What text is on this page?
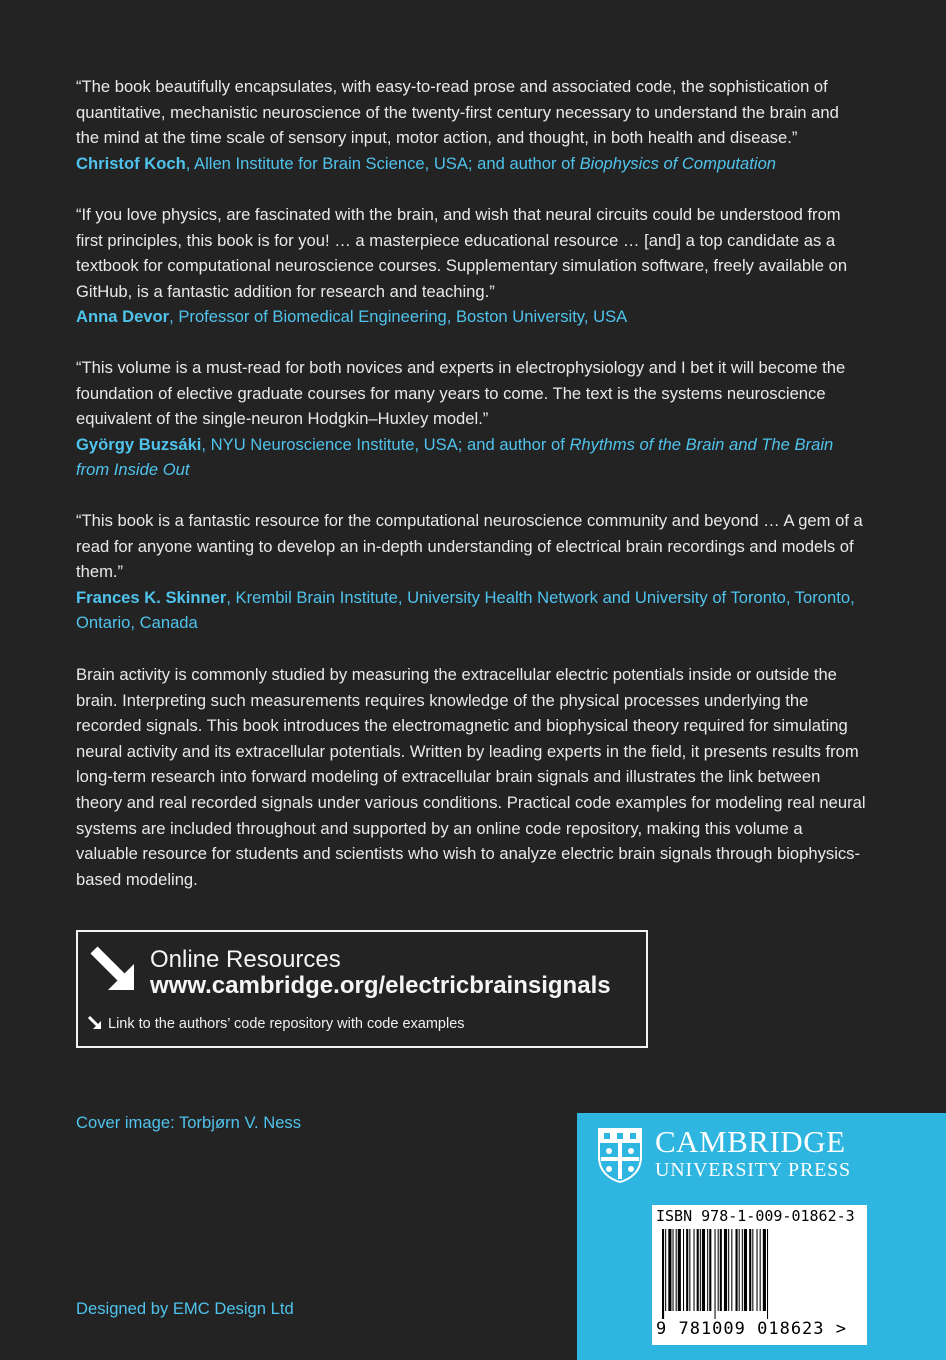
“The book beautifully encapsulates, with easy-to-read prose and associated code, the sophistication of quantitative, mechanistic neuroscience of the twenty-first century necessary to understand the brain and the mind at the time scale of sensory input, motor action, and thought, in both health and disease.”

Christof Koch, Allen Institute for Brain Science, USA; and author of Biophysics of Computation

“If you love physics, are fascinated with the brain, and wish that neural circuits could be understood from first principles, this book is for you! … a masterpiece educational resource … [and] a top candidate as a textbook for computational neuroscience courses. Supplementary simulation software, freely available on GitHub, is a fantastic addition for research and teaching.”

Anna Devor, Professor of Biomedical Engineering, Boston University, USA

“This volume is a must-read for both novices and experts in electrophysiology and I bet it will become the foundation of elective graduate courses for many years to come. The text is the systems neuroscience equivalent of the single-neuron Hodgkin–Huxley model.”

György Buzsáki, NYU Neuroscience Institute, USA; and author of Rhythms of the Brain and The Brain from Inside Out

“This book is a fantastic resource for the computational neuroscience community and beyond … A gem of a read for anyone wanting to develop an in-depth understanding of electrical brain recordings and models of them.”

Frances K. Skinner, Krembil Brain Institute, University Health Network and University of Toronto, Toronto, Ontario, Canada

Brain activity is commonly studied by measuring the extracellular electric potentials inside or outside the brain. Interpreting such measurements requires knowledge of the physical processes underlying the recorded signals. This book introduces the electromagnetic and biophysical theory required for simulating neural activity and its extracellular potentials. Written by leading experts in the field, it presents results from long-term research into forward modeling of extracellular brain signals and illustrates the link between theory and real recorded signals under various conditions. Practical code examples for modeling real neural systems are included throughout and supported by an online code repository, making this volume a valuable resource for students and scientists who wish to analyze electric brain signals through biophysics-based modeling.

Online Resources
www.cambridge.org/electricbrainsignals
Link to the authors’ code repository with code examples

Cover image: Torbjørn V. Ness

Designed by EMC Design Ltd

CAMBRIDGE
UNIVERSITY PRESS
ISBN 978-1-009-01862-3
9 781009 018623 >
